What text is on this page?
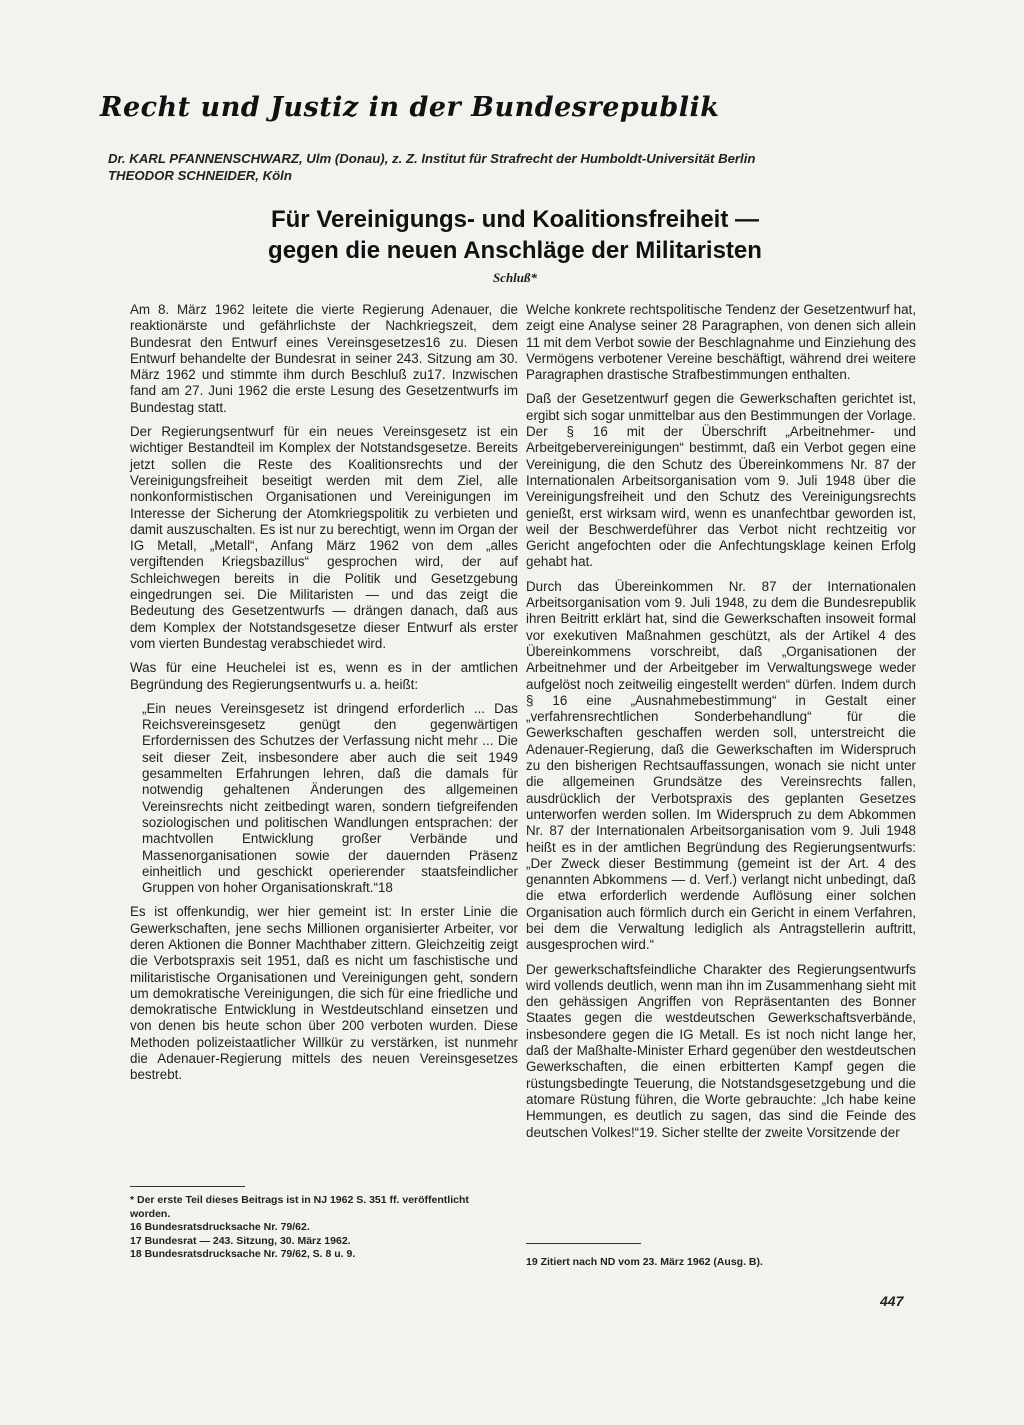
Recht und Justiz in der Bundesrepublik
Dr. KARL PFANNENSCHWARZ, Ulm (Donau), z. Z. Institut für Strafrecht der Humboldt-Universität Berlin
THEODOR SCHNEIDER, Köln
Für Vereinigungs- und Koalitionsfreiheit —
gegen die neuen Anschläge der Militaristen
Schluß*

Am 8. März 1962 leitete die vierte Regierung Adenauer, die reaktionärste und gefährlichste der Nachkriegszeit, dem Bundesrat den Entwurf eines Vereinsgesetzes16 zu. Diesen Entwurf behandelte der Bundesrat in seiner 243. Sitzung am 30. März 1962 und stimmte ihm durch Beschluß zu17. Inzwischen fand am 27. Juni 1962 die erste Lesung des Gesetzentwurfs im Bundestag statt.

Der Regierungsentwurf für ein neues Vereinsgesetz ist ein wichtiger Bestandteil im Komplex der Notstandsgesetze. Bereits jetzt sollen die Reste des Koalitionsrechts und der Vereinigungsfreiheit beseitigt werden mit dem Ziel, alle nonkonformistischen Organisationen und Vereinigungen im Interesse der Sicherung der Atomkriegspolitik zu verbieten und damit auszuschalten. Es ist nur zu berechtigt, wenn im Organ der IG Metall, „Metall“, Anfang März 1962 von dem „alles vergiftenden Kriegsbazillus“ gesprochen wird, der auf Schleichwegen bereits in die Politik und Gesetzgebung eingedrungen sei. Die Militaristen — und das zeigt die Bedeutung des Gesetzentwurfs — drängen danach, daß aus dem Komplex der Notstandsgesetze dieser Entwurf als erster vom vierten Bundestag verabschiedet wird.

Was für eine Heuchelei ist es, wenn es in der amtlichen Begründung des Regierungsentwurfs u. a. heißt:

„Ein neues Vereinsgesetz ist dringend erforderlich ... Das Reichsvereinsgesetz genügt den gegenwärtigen Erfordernissen des Schutzes der Verfassung nicht mehr ... Die seit dieser Zeit, insbesondere aber auch die seit 1949 gesammelten Erfahrungen lehren, daß die damals für notwendig gehaltenen Änderungen des allgemeinen Vereinsrechts nicht zeitbedingt waren, sondern tiefgreifenden soziologischen und politischen Wandlungen entsprachen: der machtvollen Entwicklung großer Verbände und Massenorganisationen sowie der dauernden Präsenz einheitlich und geschickt operierender staatsfeindlicher Gruppen von hoher Organisationskraft.“18

Es ist offenkundig, wer hier gemeint ist: In erster Linie die Gewerkschaften, jene sechs Millionen organisierter Arbeiter, vor deren Aktionen die Bonner Machthaber zittern. Gleichzeitig zeigt die Verbotspraxis seit 1951, daß es nicht um faschistische und militaristische Organisationen und Vereinigungen geht, sondern um demokratische Vereinigungen, die sich für eine friedliche und demokratische Entwicklung in Westdeutschland einsetzen und von denen bis heute schon über 200 verboten wurden. Diese Methoden polizeistaatlicher Willkür zu verstärken, ist nunmehr die Adenauer-Regierung mittels des neuen Vereinsgesetzes bestrebt.

Welche konkrete rechtspolitische Tendenz der Gesetzentwurf hat, zeigt eine Analyse seiner 28 Paragraphen, von denen sich allein 11 mit dem Verbot sowie der Beschlagnahme und Einziehung des Vermögens verbotener Vereine beschäftigt, während drei weitere Paragraphen drastische Strafbestimmungen enthalten.

Daß der Gesetzentwurf gegen die Gewerkschaften gerichtet ist, ergibt sich sogar unmittelbar aus den Bestimmungen der Vorlage. Der § 16 mit der Überschrift „Arbeitnehmer- und Arbeitgebervereinigungen“ bestimmt, daß ein Verbot gegen eine Vereinigung, die den Schutz des Übereinkommens Nr. 87 der Internationalen Arbeitsorganisation vom 9. Juli 1948 über die Vereinigungsfreiheit und den Schutz des Vereinigungsrechts genießt, erst wirksam wird, wenn es unanfechtbar geworden ist, weil der Beschwerdeführer das Verbot nicht rechtzeitig vor Gericht angefochten oder die Anfechtungsklage keinen Erfolg gehabt hat.

Durch das Übereinkommen Nr. 87 der Internationalen Arbeitsorganisation vom 9. Juli 1948, zu dem die Bundesrepublik ihren Beitritt erklärt hat, sind die Gewerkschaften insoweit formal vor exekutiven Maßnahmen geschützt, als der Artikel 4 des Übereinkommens vorschreibt, daß „Organisationen der Arbeitnehmer und der Arbeitgeber im Verwaltungswege weder aufgelöst noch zeitweilig eingestellt werden“ dürfen. Indem durch § 16 eine „Ausnahmebestimmung“ in Gestalt einer „verfahrensrechtlichen Sonderbehandlung“ für die Gewerkschaften geschaffen werden soll, unterstreicht die Adenauer-Regierung, daß die Gewerkschaften im Widerspruch zu den bisherigen Rechtsauffassungen, wonach sie nicht unter die allgemeinen Grundsätze des Vereinsrechts fallen, ausdrücklich der Verbotspraxis des geplanten Gesetzes unterworfen werden sollen. Im Widerspruch zu dem Abkommen Nr. 87 der Internationalen Arbeitsorganisation vom 9. Juli 1948 heißt es in der amtlichen Begründung des Regierungsentwurfs: „Der Zweck dieser Bestimmung (gemeint ist der Art. 4 des genannten Abkommens — d. Verf.) verlangt nicht unbedingt, daß die etwa erforderlich werdende Auflösung einer solchen Organisation auch förmlich durch ein Gericht in einem Verfahren, bei dem die Verwaltung lediglich als Antragstellerin auftritt, ausgesprochen wird.“

Der gewerkschaftsfeindliche Charakter des Regierungsentwurfs wird vollends deutlich, wenn man ihn im Zusammenhang sieht mit den gehässigen Angriffen von Repräsentanten des Bonner Staates gegen die westdeutschen Gewerkschaftsverbände, insbesondere gegen die IG Metall. Es ist noch nicht lange her, daß der Maßhalte-Minister Erhard gegenüber den westdeutschen Gewerkschaften, die einen erbitterten Kampf gegen die rüstungsbedingte Teuerung, die Notstandsgesetzgebung und die atomare Rüstung führen, die Worte gebrauchte: „Ich habe keine Hemmungen, es deutlich zu sagen, das sind die Feinde des deutschen Volkes!“19. Sicher stellte der zweite Vorsitzende der

* Der erste Teil dieses Beitrags ist in NJ 1962 S. 351 ff. veröffentlicht worden.
16 Bundesratsdrucksache Nr. 79/62.
17 Bundesrat — 243. Sitzung, 30. März 1962.
18 Bundesratsdrucksache Nr. 79/62, S. 8 u. 9.
19 Zitiert nach ND vom 23. März 1962 (Ausg. B).
447
